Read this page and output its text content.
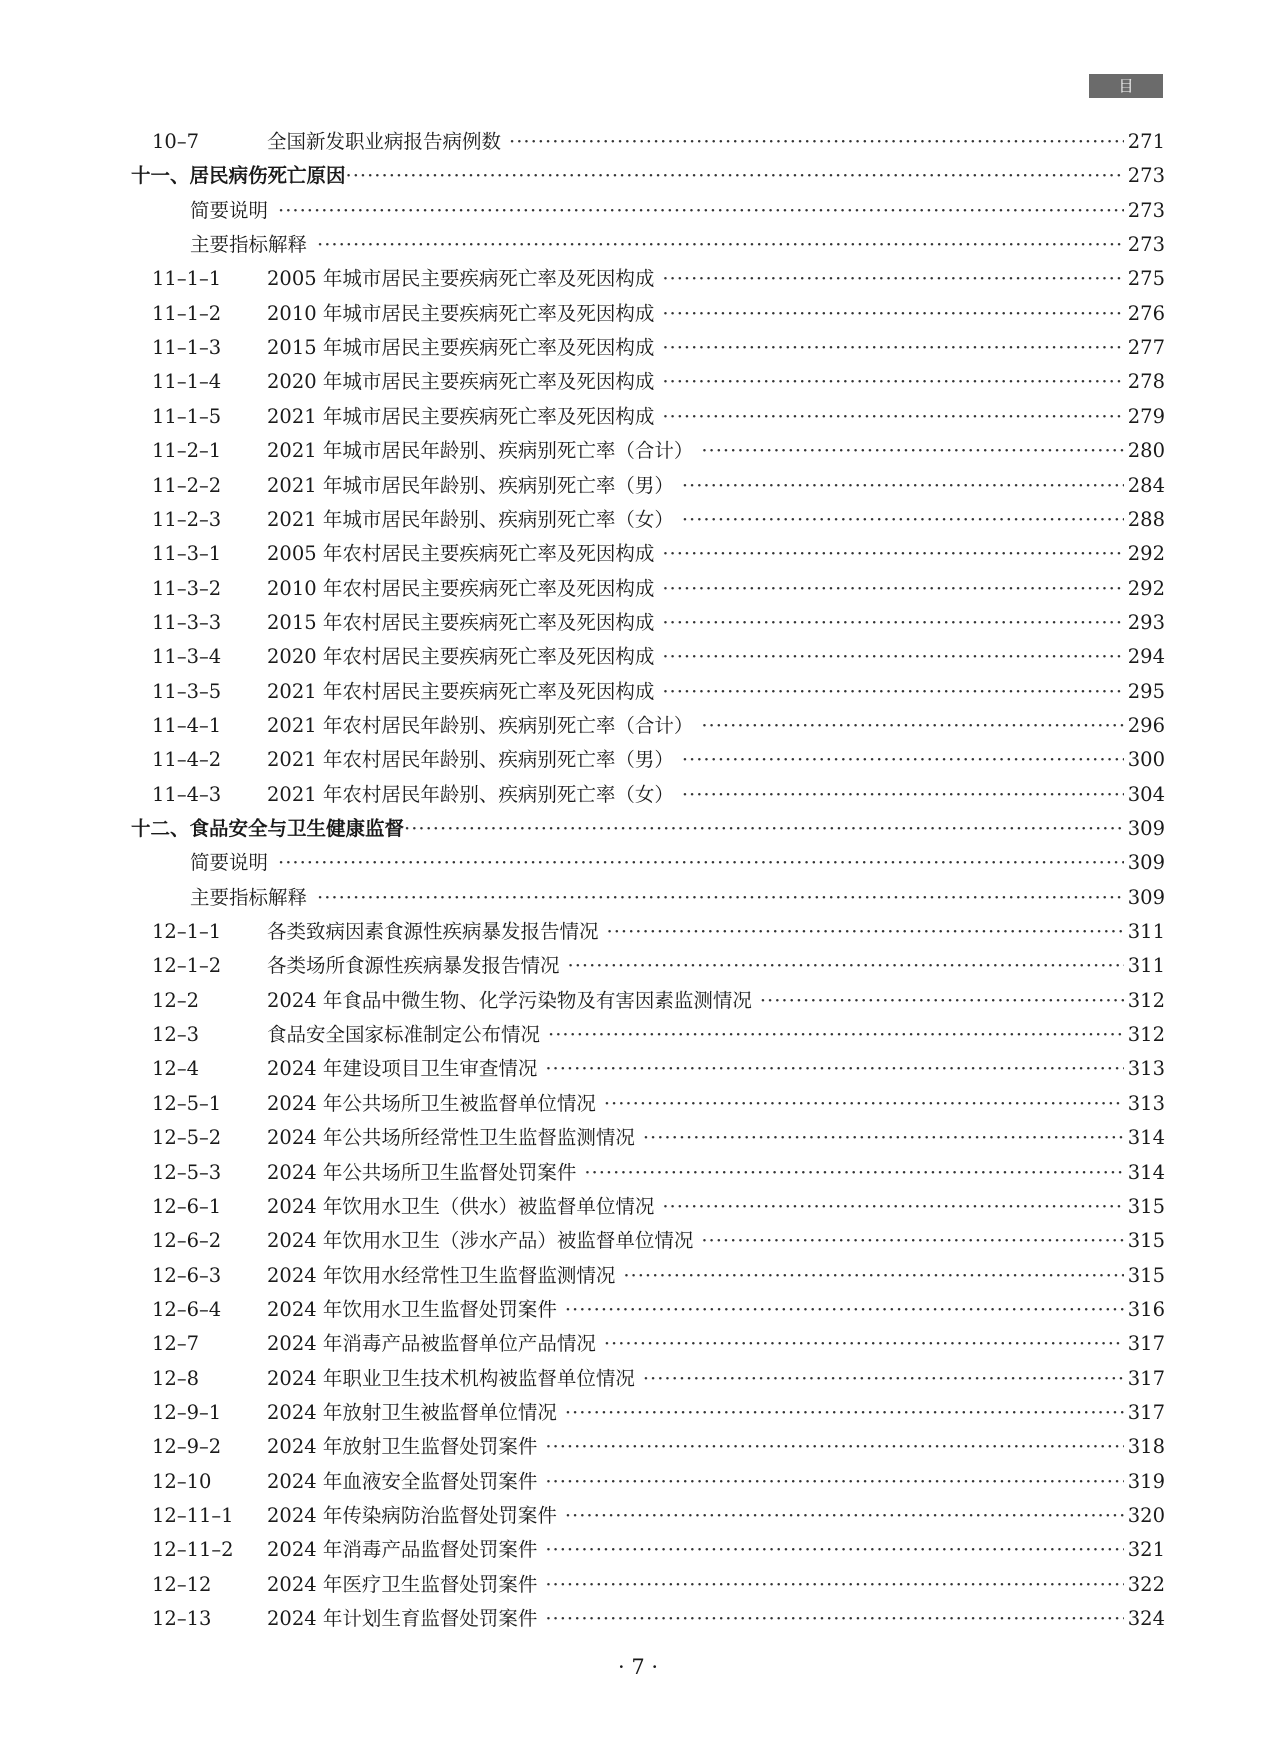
目 录
10–7	全国新发职业病报告病例数 ·····	271
十一、居民病伤死亡原因 ·····	273
简要说明 ·····	273
主要指标解释 ·····	273
11–1–1 2005 年城市居民主要疾病死亡率及死因构成 ·····	275
11–1–2 2010 年城市居民主要疾病死亡率及死因构成 ·····	276
11–1–3 2015 年城市居民主要疾病死亡率及死因构成 ·····	277
11–1–4 2020 年城市居民主要疾病死亡率及死因构成 ·····	278
11–1–5 2021 年城市居民主要疾病死亡率及死因构成 ·····	279
11–2–1 2021 年城市居民年龄别、疾病别死亡率（合计） ·····	280
11–2–2 2021 年城市居民年龄别、疾病别死亡率（男） ·····	284
11–2–3 2021 年城市居民年龄别、疾病别死亡率（女） ·····	288
11–3–1 2005 年农村居民主要疾病死亡率及死因构成 ·····	292
11–3–2 2010 年农村居民主要疾病死亡率及死因构成 ·····	292
11–3–3 2015 年农村居民主要疾病死亡率及死因构成 ·····	293
11–3–4 2020 年农村居民主要疾病死亡率及死因构成 ·····	294
11–3–5 2021 年农村居民主要疾病死亡率及死因构成 ·····	295
11–4–1 2021 年农村居民年龄别、疾病别死亡率（合计） ·····	296
11–4–2 2021 年农村居民年龄别、疾病别死亡率（男） ·····	300
11–4–3 2021 年农村居民年龄别、疾病别死亡率（女） ·····	304
十二、食品安全与卫生健康监督 ·····	309
简要说明 ·····	309
主要指标解释 ·····	309
12–1–1 各类致病因素食源性疾病暴发报告情况 ·····	311
12–1–2 各类场所食源性疾病暴发报告情况 ·····	311
12–2	2024 年食品中微生物、化学污染物及有害因素监测情况 ·····	312
12–3	食品安全国家标准制定公布情况 ·····	312
12–4	2024 年建设项目卫生审查情况 ·····	313
12–5–1 2024 年公共场所卫生被监督单位情况 ·····	313
12–5–2 2024 年公共场所经常性卫生监督监测情况 ·····	314
12–5–3 2024 年公共场所卫生监督处罚案件 ·····	314
12–6–1 2024 年饮用水卫生（供水）被监督单位情况 ·····	315
12–6–2 2024 年饮用水卫生（涉水产品）被监督单位情况 ·····	315
12–6–3 2024 年饮用水经常性卫生监督监测情况 ·····	315
12–6–4 2024 年饮用水卫生监督处罚案件 ·····	316
12–7	2024 年消毒产品被监督单位产品情况 ·····	317
12–8	2024 年职业卫生技术机构被监督单位情况 ·····	317
12–9–1 2024 年放射卫生被监督单位情况 ·····	317
12–9–2 2024 年放射卫生监督处罚案件 ·····	318
12–10	2024 年血液安全监督处罚案件 ·····	319
12–11–1 2024 年传染病防治监督处罚案件 ·····	320
12–11–2 2024 年消毒产品监督处罚案件 ·····	321
12–12	2024 年医疗卫生监督处罚案件 ·····	322
12–13	2024 年计划生育监督处罚案件 ·····	324
· 7 ·
